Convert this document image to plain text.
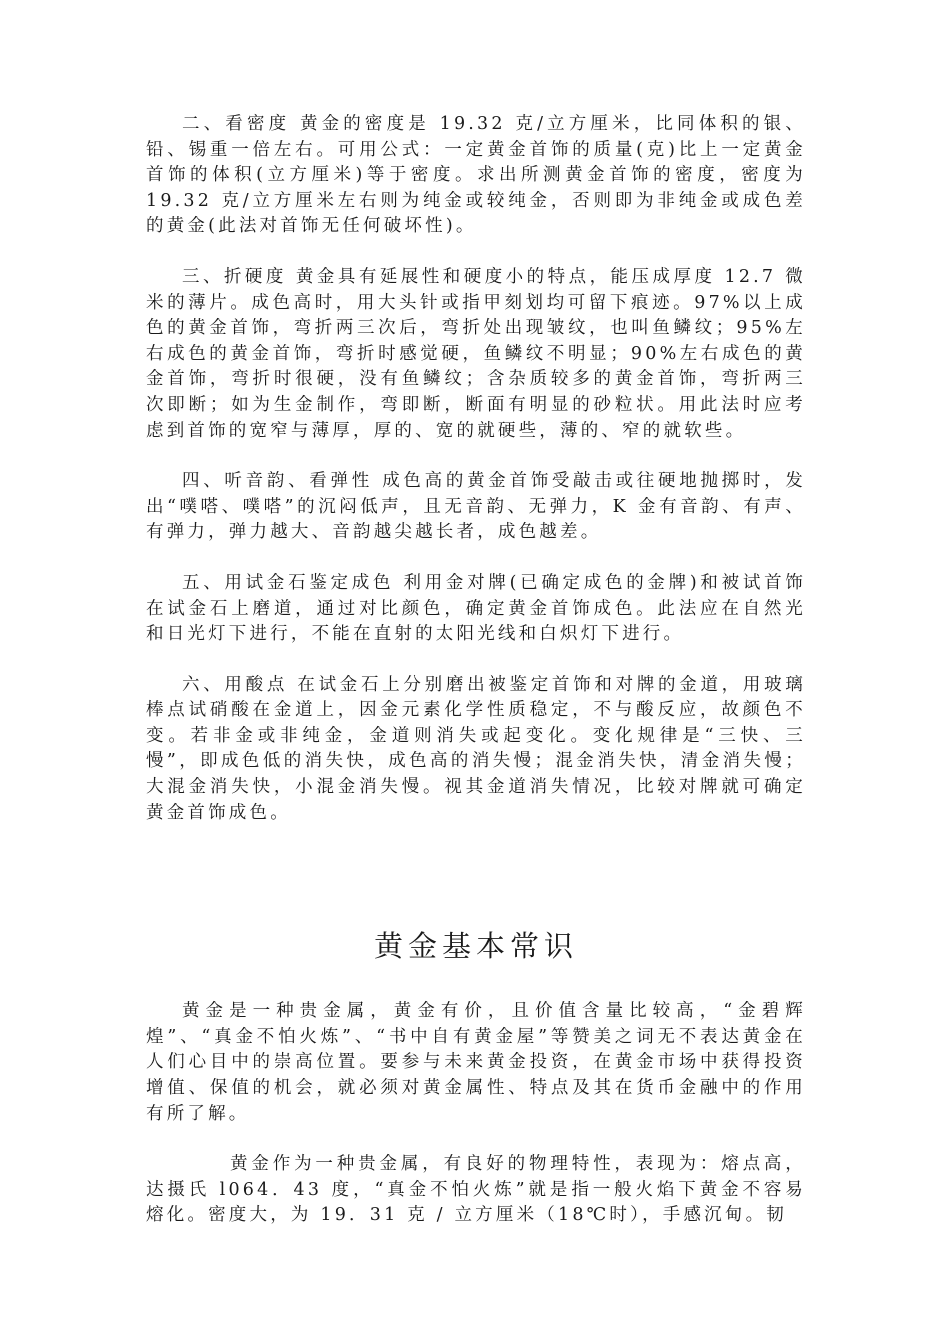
二、看密度 黄金的密度是 19.32 克/立方厘米，比同体积的银、铅、锡重一倍左右。可用公式：一定黄金首饰的质量(克)比上一定黄金首饰的体积(立方厘米)等于密度。求出所测黄金首饰的密度，密度为 19.32 克/立方厘米左右则为纯金或较纯金，否则即为非纯金或成色差的黄金(此法对首饰无任何破坏性)。

三、折硬度 黄金具有延展性和硬度小的特点，能压成厚度 12.7 微米的薄片。成色高时，用大头针或指甲刻划均可留下痕迹。97%以上成色的黄金首饰，弯折两三次后，弯折处出现皱纹，也叫鱼鳞纹；95%左右成色的黄金首饰，弯折时感觉硬，鱼鳞纹不明显；90%左右成色的黄金首饰，弯折时很硬，没有鱼鳞纹；含杂质较多的黄金首饰，弯折两三次即断；如为生金制作，弯即断，断面有明显的砂粒状。用此法时应考虑到首饰的宽窄与薄厚，厚的、宽的就硬些，薄的、窄的就软些。

四、听音韵、看弹性 成色高的黄金首饰受敲击或往硬地抛掷时，发出“噗嗒、噗嗒”的沉闷低声，且无音韵、无弹力，K 金有音韵、有声、有弹力，弹力越大、音韵越尖越长者，成色越差。

五、用试金石鉴定成色 利用金对牌(已确定成色的金牌)和被试首饰在试金石上磨道，通过对比颜色，确定黄金首饰成色。此法应在自然光和日光灯下进行，不能在直射的太阳光线和白炽灯下进行。

六、用酸点 在试金石上分别磨出被鉴定首饰和对牌的金道，用玻璃棒点试硝酸在金道上，因金元素化学性质稳定，不与酸反应，故颜色不变。若非金或非纯金，金道则消失或起变化。变化规律是“三快、三慢”，即成色低的消失快，成色高的消失慢；混金消失快，清金消失慢；大混金消失快，小混金消失慢。视其金道消失情况，比较对牌就可确定黄金首饰成色。

黄金基本常识

黄金是一种贵金属，黄金有价，且价值含量比较高，“金碧辉煌”、“真金不怕火炼”、“书中自有黄金屋”等赞美之词无不表达黄金在人们心目中的崇高位置。要参与未来黄金投资，在黄金市场中获得投资增值、保值的机会，就必须对黄金属性、特点及其在货币金融中的作用有所了解。

黄金作为一种贵金属，有良好的物理特性，表现为：熔点高，达摄氏 l064．43 度，“真金不怕火炼”就是指一般火焰下黄金不容易熔化。密度大，为 19．31 克 / 立方厘米（18℃时），手感沉甸。韧
